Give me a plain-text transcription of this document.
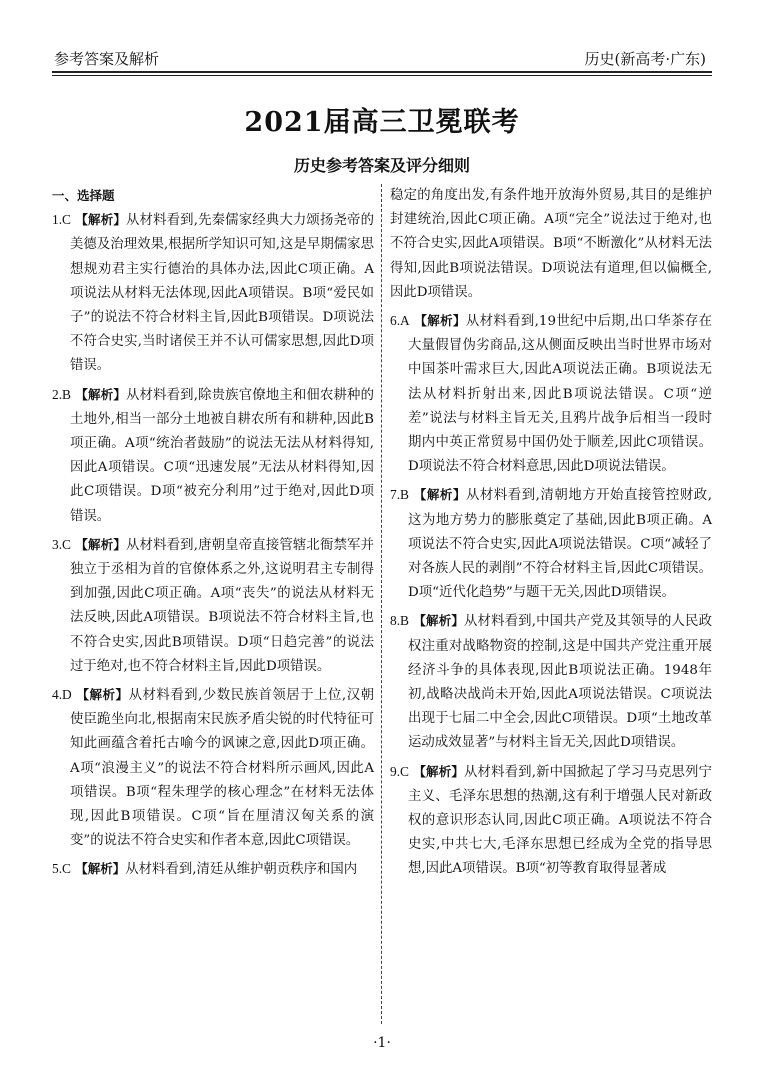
参考答案及解析	历史(新高考·广东)
2021届高三卫冕联考
历史参考答案及评分细则

一、选择题

1.C 【解析】从材料看到,先秦儒家经典大力颂扬尧帝的美德及治理效果,根据所学知识可知,这是早期儒家思想规劝君主实行德治的具体办法,因此C项正确。A项说法从材料无法体现,因此A项错误。B项“爱民如子”的说法不符合材料主旨,因此B项错误。D项说法不符合史实,当时诸侯王并不认可儒家思想,因此D项错误。

2.B 【解析】从材料看到,除贵族官僚地主和佃农耕种的土地外,相当一部分土地被自耕农所有和耕种,因此B项正确。A项“统治者鼓励”的说法无法从材料得知,因此A项错误。C项“迅速发展”无法从材料得知,因此C项错误。D项“被充分利用”过于绝对,因此D项错误。

3.C 【解析】从材料看到,唐朝皇帝直接管辖北衙禁军并独立于丞相为首的官僚体系之外,这说明君主专制得到加强,因此C项正确。A项“丧失”的说法从材料无法反映,因此A项错误。B项说法不符合材料主旨,也不符合史实,因此B项错误。D项“日趋完善”的说法过于绝对,也不符合材料主旨,因此D项错误。

4.D 【解析】从材料看到,少数民族首领居于上位,汉朝使臣跪坐向北,根据南宋民族矛盾尖锐的时代特征可知此画蕴含着托古喻今的讽谏之意,因此D项正确。A项“浪漫主义”的说法不符合材料所示画风,因此A项错误。B项“程朱理学的核心理念”在材料无法体现,因此B项错误。C项“旨在厘清汉匈关系的演变”的说法不符合史实和作者本意,因此C项错误。

5.C 【解析】从材料看到,清廷从维护朝贡秩序和国内

稳定的角度出发,有条件地开放海外贸易,其目的是维护封建统治,因此C项正确。A项“完全”说法过于绝对,也不符合史实,因此A项错误。B项“不断激化”从材料无法得知,因此B项说法错误。D项说法有道理,但以偏概全,因此D项错误。

6.A 【解析】从材料看到,19世纪中后期,出口华茶存在大量假冒伪劣商品,这从侧面反映出当时世界市场对中国茶叶需求巨大,因此A项说法正确。B项说法无法从材料折射出来,因此B项说法错误。C项“逆差”说法与材料主旨无关,且鸦片战争后相当一段时期内中英正常贸易中国仍处于顺差,因此C项错误。D项说法不符合材料意思,因此D项说法错误。

7.B 【解析】从材料看到,清朝地方开始直接管控财政,这为地方势力的膨胀奠定了基础,因此B项正确。A项说法不符合史实,因此A项说法错误。C项“减轻了对各族人民的剥削”不符合材料主旨,因此C项错误。D项“近代化趋势”与题干无关,因此D项错误。

8.B 【解析】从材料看到,中国共产党及其领导的人民政权注重对战略物资的控制,这是中国共产党注重开展经济斗争的具体表现,因此B项说法正确。1948年初,战略决战尚未开始,因此A项说法错误。C项说法出现于七届二中全会,因此C项错误。D项“土地改革运动成效显著”与材料主旨无关,因此D项错误。

9.C 【解析】从材料看到,新中国掀起了学习马克思列宁主义、毛泽东思想的热潮,这有利于增强人民对新政权的意识形态认同,因此C项正确。A项说法不符合史实,中共七大,毛泽东思想已经成为全党的指导思想,因此A项错误。B项“初等教育取得显著成

·1·
